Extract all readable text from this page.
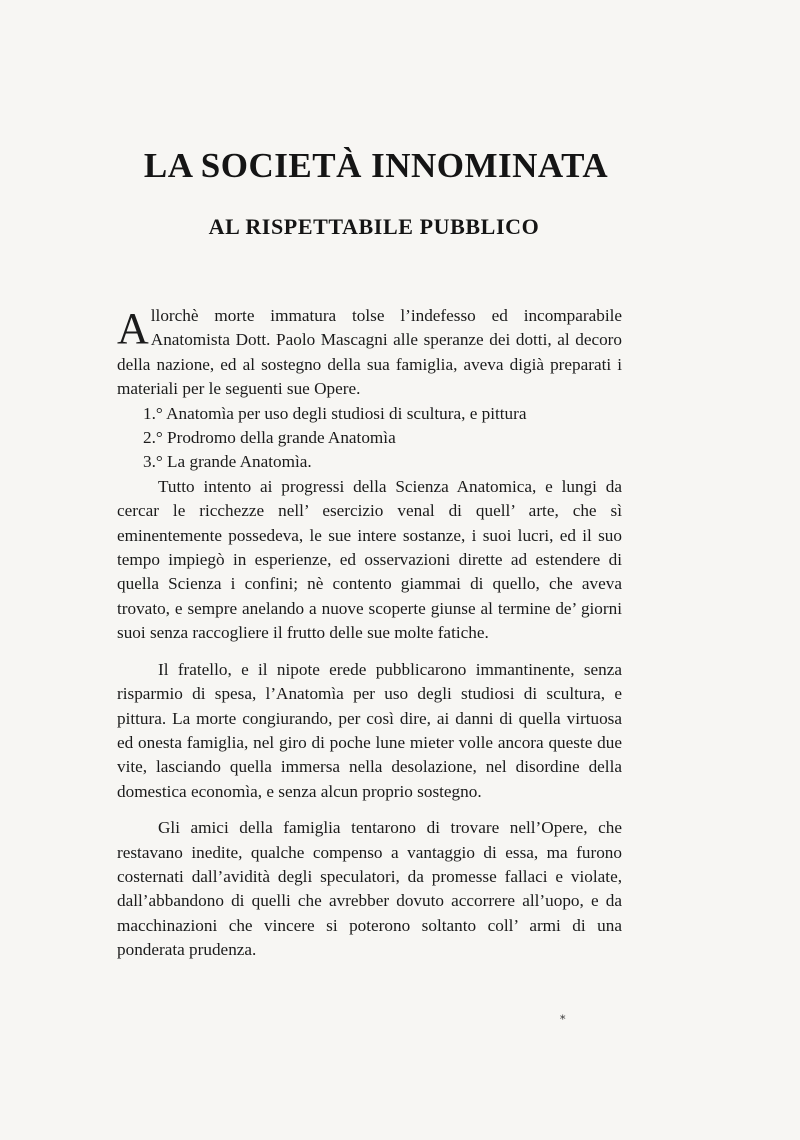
LA SOCIETÀ INNOMINATA
AL RISPETTABILE PUBBLICO

Allorchè morte immatura tolse l’indefesso ed incomparabile Anatomista Dott. Paolo Mascagni alle speranze dei dotti, al decoro della nazione, ed al sostegno della sua famiglia, aveva digià preparati i materiali per le seguenti sue Opere.

1.° Anatomìa per uso degli studiosi di scultura, e pittura
2.° Prodromo della grande Anatomìa
3.° La grande Anatomìa.

Tutto intento ai progressi della Scienza Anatomica, e lungi da cercar le ricchezze nell’ esercizio venal di quell’ arte, che sì eminentemente possedeva, le sue intere sostanze, i suoi lucri, ed il suo tempo impiegò in esperienze, ed osservazioni dirette ad estendere di quella Scienza i confini; nè contento giammai di quello, che aveva trovato, e sempre anelando a nuove scoperte giunse al termine de’ giorni suoi senza raccogliere il frutto delle sue molte fatiche.

Il fratello, e il nipote erede pubblicarono immantinente, senza risparmio di spesa, l’Anatomìa per uso degli studiosi di scultura, e pittura. La morte congiurando, per così dire, ai danni di quella virtuosa ed onesta famiglia, nel giro di poche lune mieter volle ancora queste due vite, lasciando quella immersa nella desolazione, nel disordine della domestica economìa, e senza alcun proprio sostegno.

Gli amici della famiglia tentarono di trovare nell’Opere, che restavano inedite, qualche compenso a vantaggio di essa, ma furono costernati dall’avidità degli speculatori, da promesse fallaci e violate, dall’abbandono di quelli che avrebber dovuto accorrere all’uopo, e da macchinazioni che vincere si poterono soltanto coll’ armi di una ponderata prudenza.

*
